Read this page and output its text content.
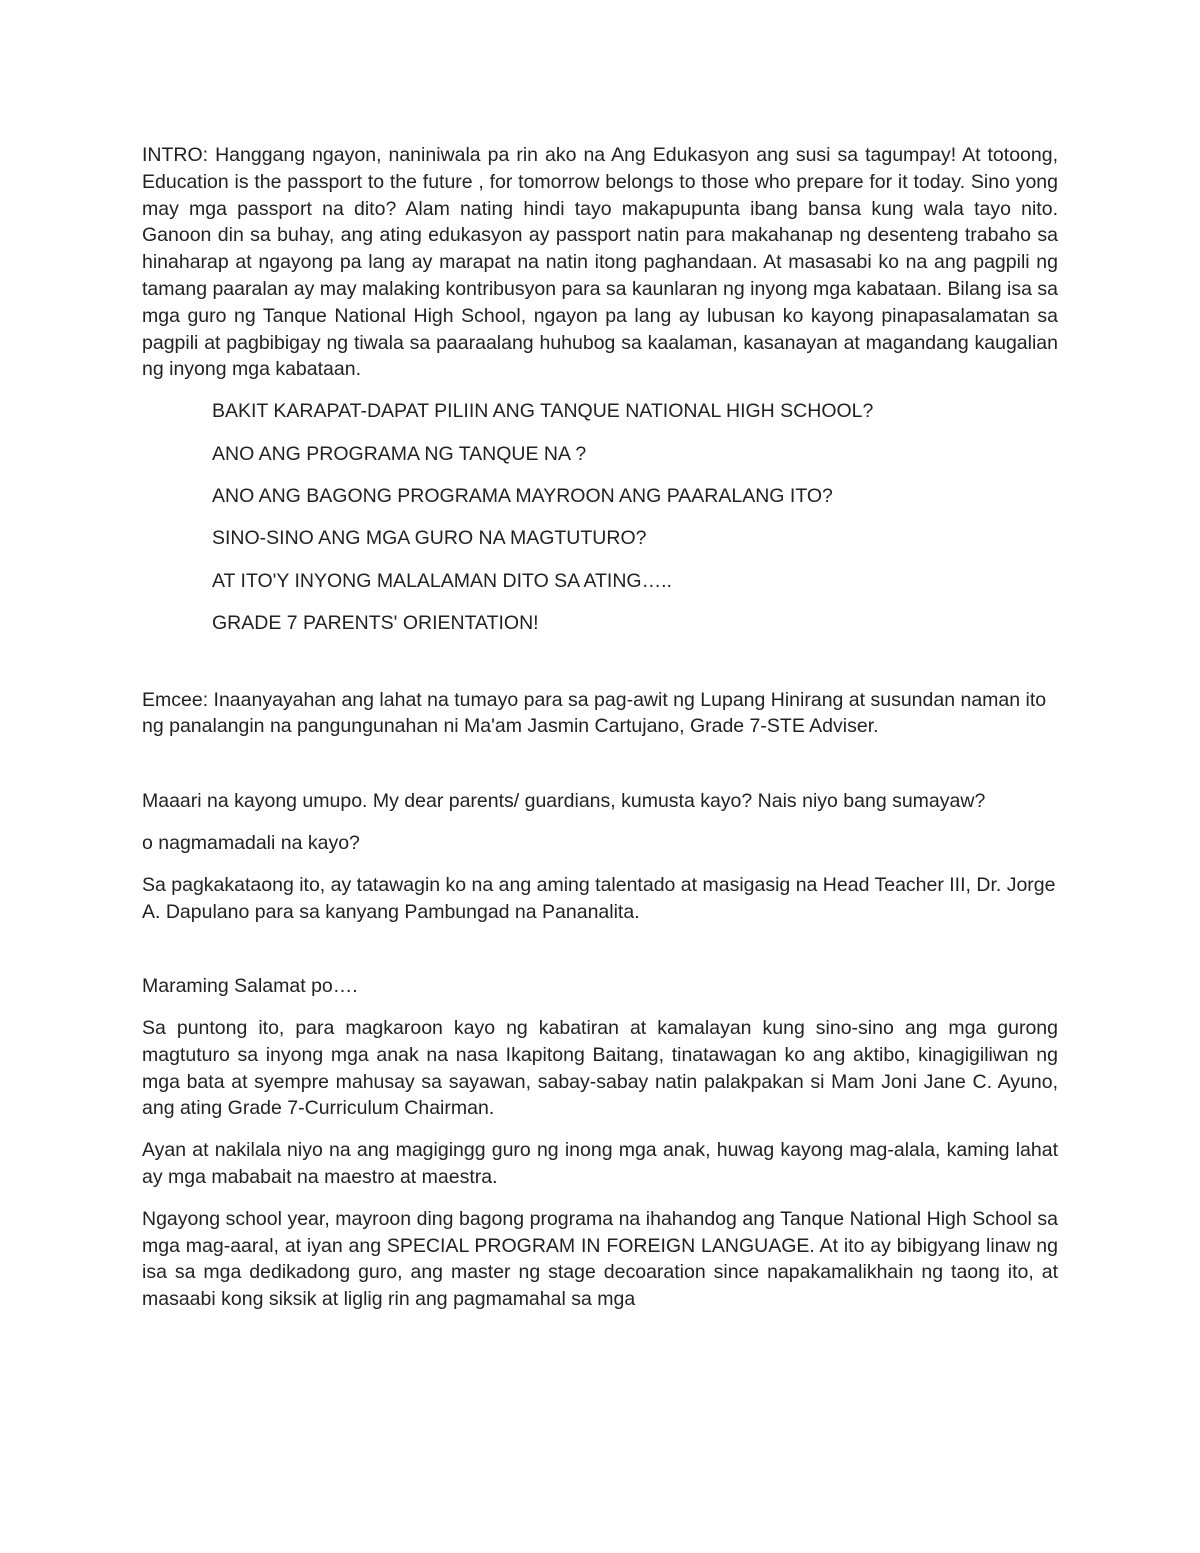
INTRO: Hanggang ngayon, naniniwala pa rin ako na Ang Edukasyon ang susi sa tagumpay! At totoong, Education is the passport to the future , for tomorrow belongs to those who prepare for it today. Sino yong may mga passport na dito? Alam nating hindi tayo makapupunta ibang bansa kung wala tayo nito. Ganoon din sa buhay, ang ating edukasyon ay passport natin para makahanap ng desenteng trabaho sa hinaharap at ngayong pa lang ay marapat na natin itong paghandaan. At masasabi ko na ang pagpili ng tamang paaralan ay may malaking kontribusyon para sa kaunlaran ng inyong mga kabataan. Bilang isa sa mga guro ng Tanque National High School, ngayon pa lang ay lubusan ko kayong pinapasalamatan sa pagpili at pagbibigay ng tiwala sa paaraalang huhubog sa kaalaman, kasanayan at magandang kaugalian ng inyong mga kabataan.

BAKIT KARAPAT-DAPAT PILIIN ANG TANQUE NATIONAL HIGH SCHOOL?

ANO ANG PROGRAMA NG TANQUE NA ?

ANO ANG BAGONG PROGRAMA MAYROON ANG PAARALANG ITO?

SINO-SINO ANG MGA GURO NA MAGTUTURO?

AT ITO'Y INYONG MALALAMAN DITO SA ATING…..

GRADE 7 PARENTS' ORIENTATION!

Emcee: Inaanyayahan ang lahat na tumayo para sa pag-awit ng Lupang Hinirang at susundan naman ito ng panalangin na pangungunahan ni Ma'am Jasmin Cartujano, Grade 7-STE Adviser.

Maaari na kayong umupo. My dear parents/ guardians, kumusta kayo? Nais niyo bang sumayaw?

o nagmamadali na kayo?

Sa pagkakataong ito, ay tatawagin ko na ang aming talentado at masigasig na Head Teacher III, Dr. Jorge A. Dapulano para sa kanyang Pambungad na Pananalita.

Maraming Salamat po….

Sa puntong ito, para magkaroon kayo ng kabatiran at kamalayan kung sino-sino ang mga gurong magtuturo sa inyong mga anak na nasa Ikapitong Baitang, tinatawagan ko ang aktibo, kinagigiliwan ng mga bata at syempre mahusay sa sayawan, sabay-sabay natin palakpakan si Mam Joni Jane C. Ayuno, ang ating Grade 7-Curriculum Chairman.

Ayan at nakilala niyo na ang magigingg guro ng inong mga anak, huwag kayong mag-alala, kaming lahat ay mga mababait na maestro at maestra.

Ngayong school year, mayroon ding bagong programa na ihahandog ang Tanque National High School sa mga mag-aaral, at iyan ang SPECIAL PROGRAM IN FOREIGN LANGUAGE. At ito ay bibigyang linaw ng isa sa mga dedikadong guro, ang master ng stage decoaration since napakamalikhain ng taong ito, at masaabi kong siksik at liglig rin ang pagmamahal sa mga
